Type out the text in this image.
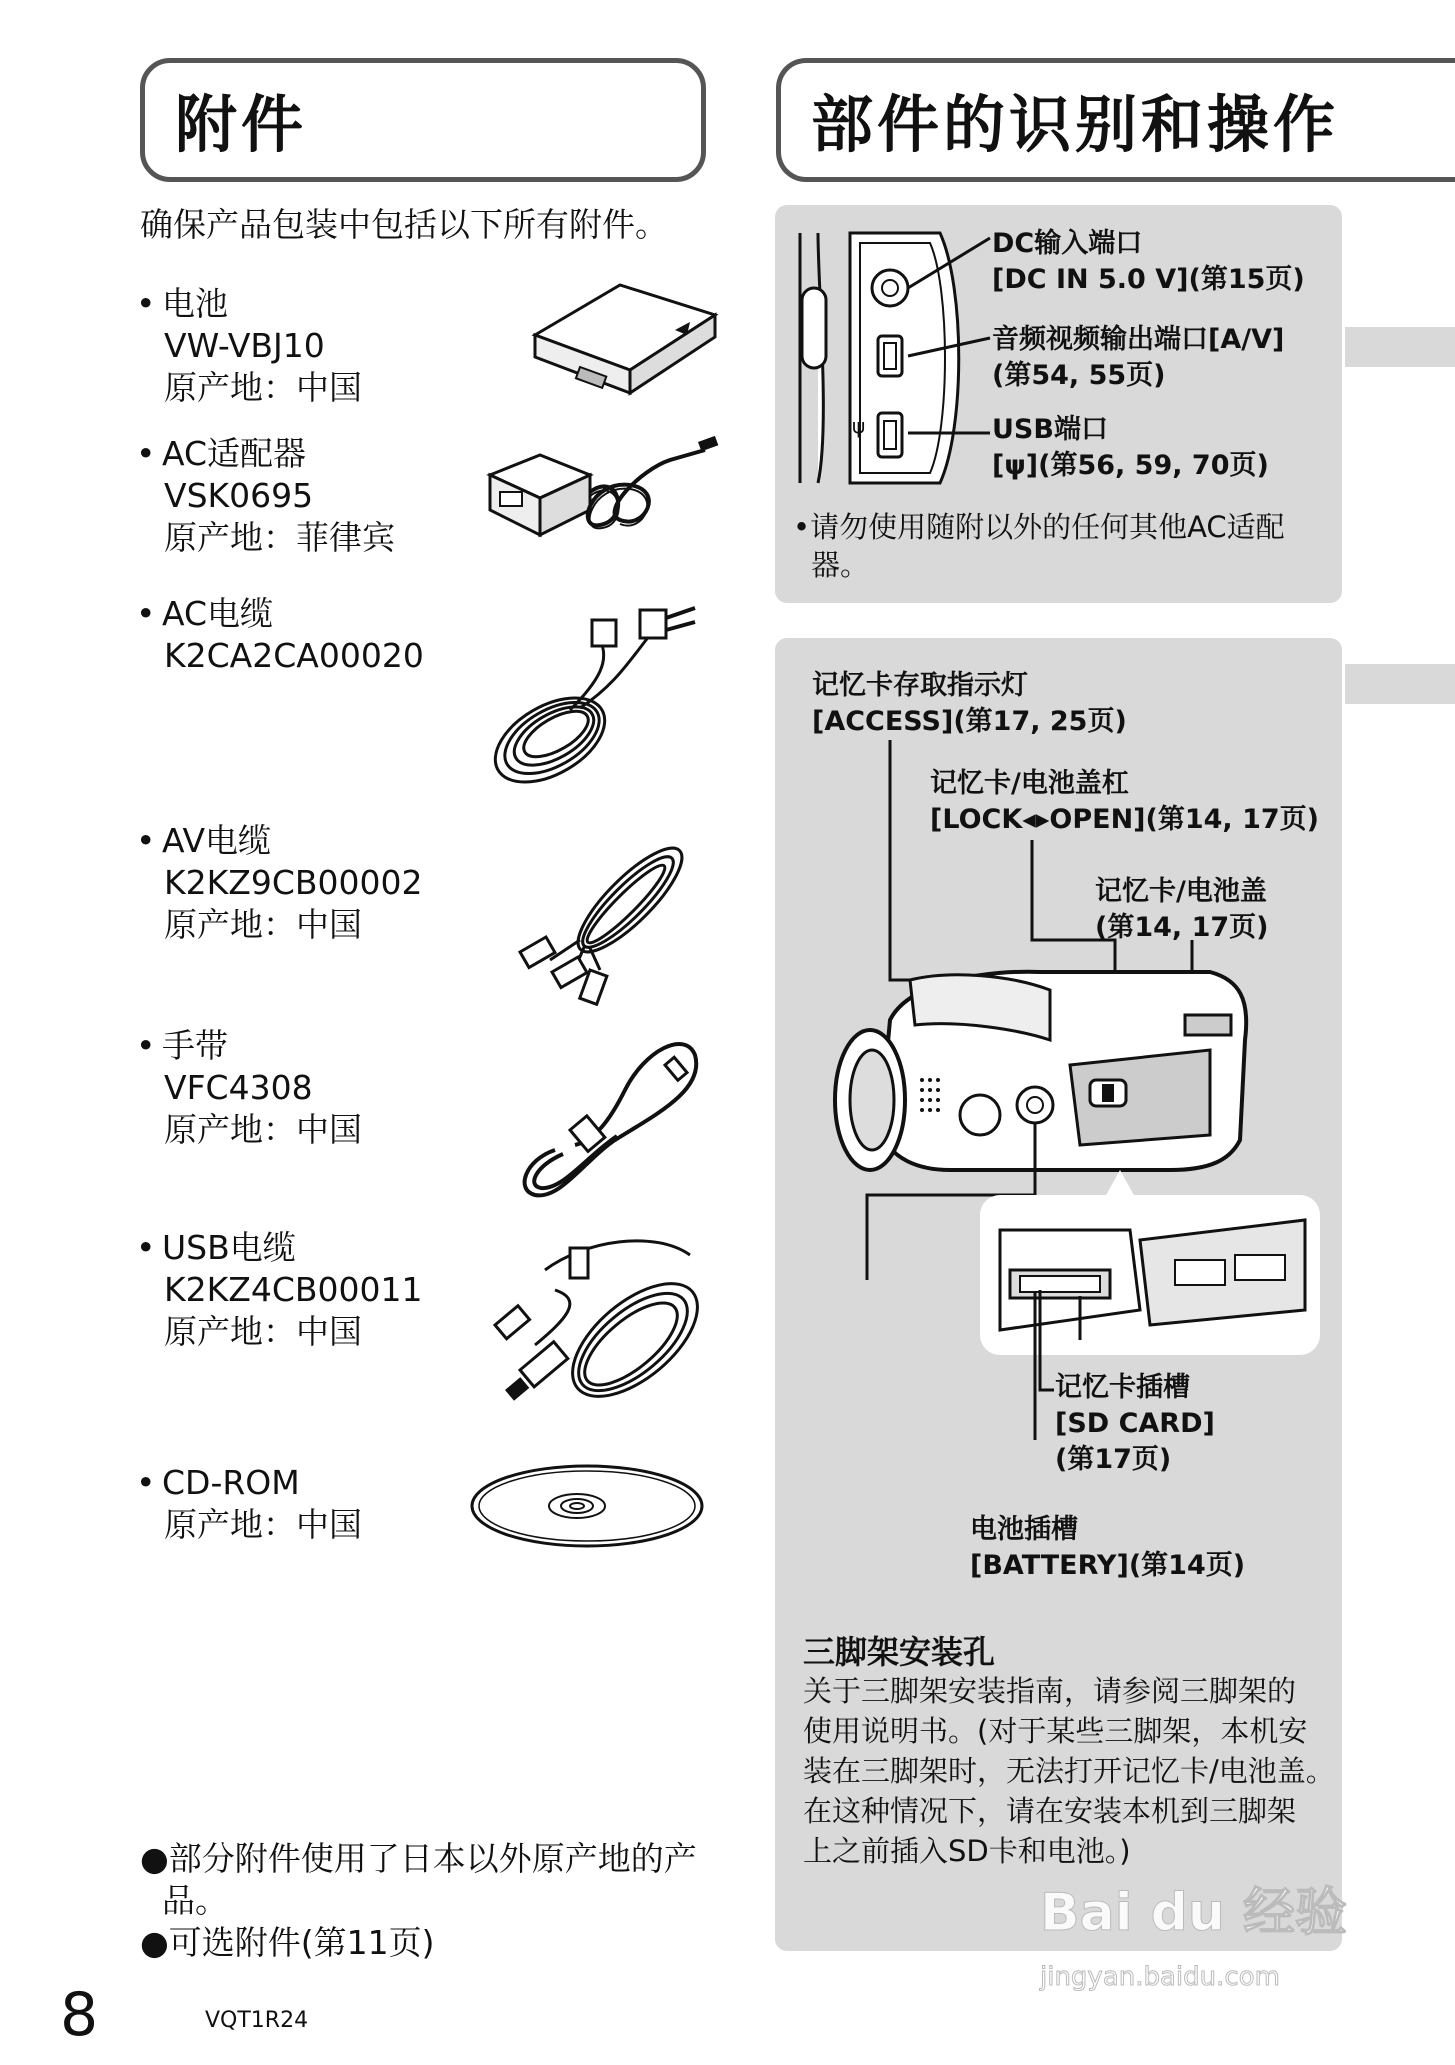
附件
确保产品包装中包括以下所有附件。
• 电池
VW-VBJ10
原产地：中国
• AC适配器
VSK0695
原产地：菲律宾
• AC电缆
K2CA2CA00020
• AV电缆
K2KZ9CB00002
原产地：中国
• 手带
VFC4308
原产地：中国
• USB电缆
K2KZ4CB00011
原产地：中国
• CD-ROM
原产地：中国
●部分附件使用了日本以外原产地的产
品。
●可选附件(第11页)
部件的识别和操作
ψ
DC输入端口
[DC IN 5.0 V](第15页)
音频视频输出端口[A/V]
(第54, 55页)
USB端口
[ψ](第56, 59, 70页)
•请勿使用随附以外的任何其他AC适配
器。
记忆卡存取指示灯
[ACCESS](第17, 25页)
记忆卡/电池盖杠
[LOCK◂▸OPEN](第14, 17页)
记忆卡/电池盖
(第14, 17页)
记忆卡插槽
[SD CARD]
(第17页)
电池插槽
[BATTERY](第14页)
三脚架安装孔
关于三脚架安装指南，请参阅三脚架的
使用说明书。(对于某些三脚架，本机安
装在三脚架时，无法打开记忆卡/电池盖。
在这种情况下，请在安装本机到三脚架
上之前插入SD卡和电池。)
Bai du 经验
jingyan.baidu.com
8	VQT1R24
